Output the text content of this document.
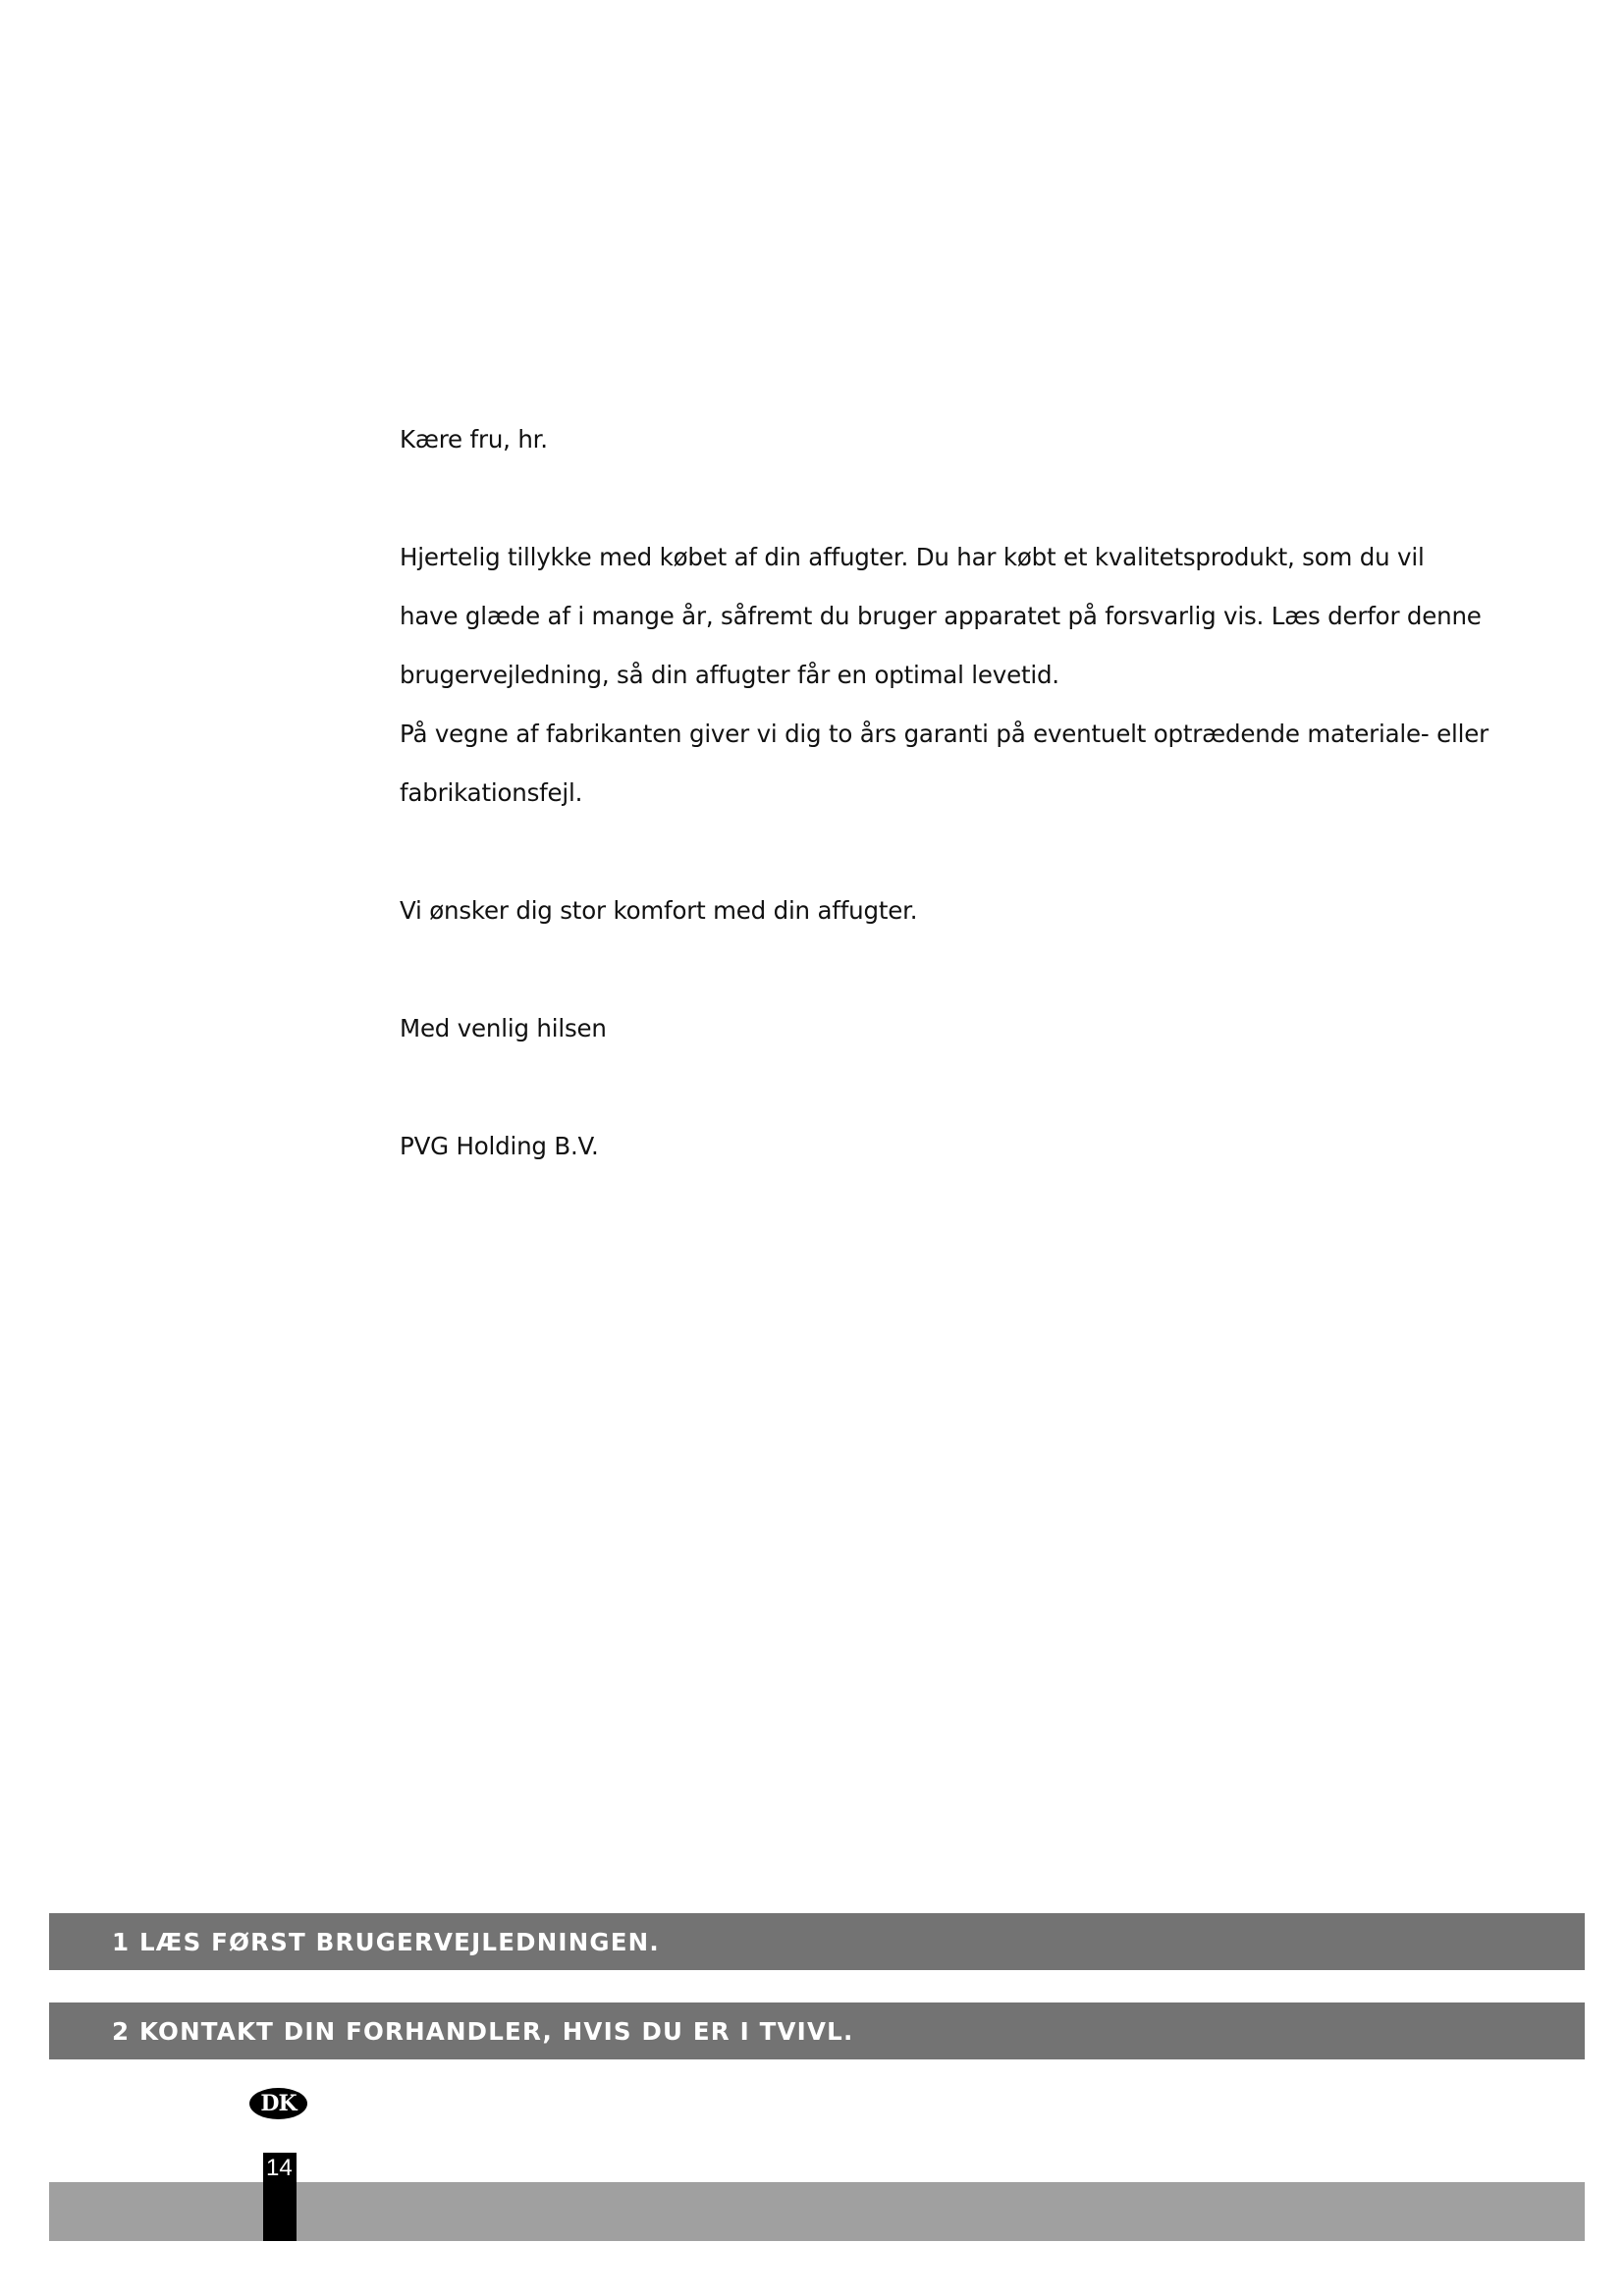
Kære fru, hr.

Hjertelig tillykke med købet af din affugter. Du har købt et kvalitetsprodukt, som du vil

have glæde af i mange år, såfremt du bruger apparatet på forsvarlig vis. Læs derfor denne

brugervejledning, så din affugter får en optimal levetid.

På vegne af fabrikanten giver vi dig to års garanti på eventuelt optrædende materiale- eller

fabrikationsfejl.

Vi ønsker dig stor komfort med din affugter.

Med venlig hilsen

PVG Holding B.V.

1 LÆS FØRST BRUGERVEJLEDNINGEN.
2 KONTAKT DIN FORHANDLER, HVIS DU ER I TVIVL.
DK
14
